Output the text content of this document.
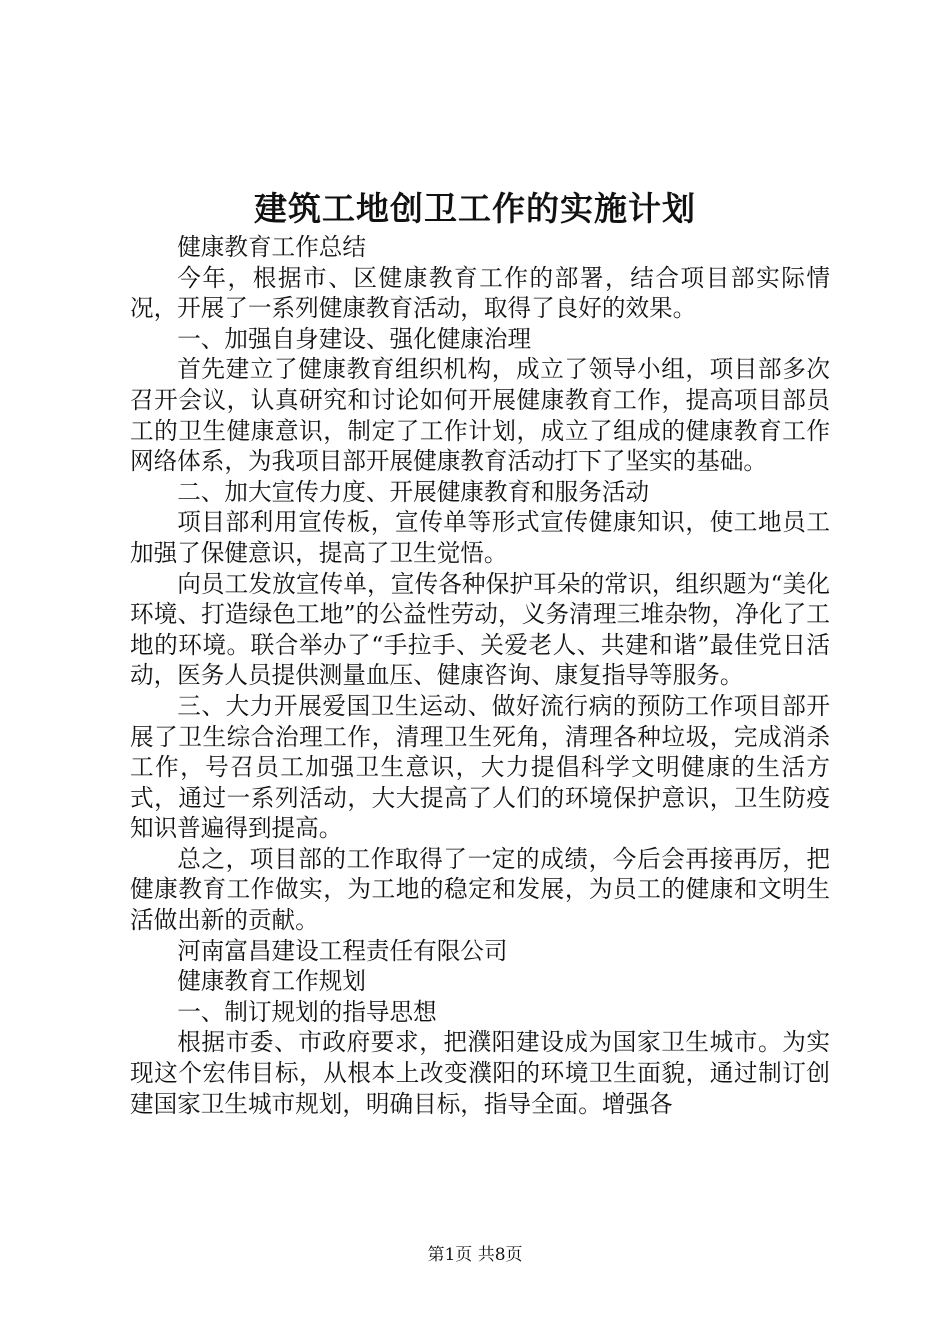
建筑工地创卫工作的实施计划

健康教育工作总结

今年，根据市、区健康教育工作的部署，结合项目部实际情况，开展了一系列健康教育活动，取得了良好的效果。

一、加强自身建设、强化健康治理

首先建立了健康教育组织机构，成立了领导小组，项目部多次召开会议，认真研究和讨论如何开展健康教育工作，提高项目部员工的卫生健康意识，制定了工作计划，成立了组成的健康教育工作网络体系，为我项目部开展健康教育活动打下了坚实的基础。

二、加大宣传力度、开展健康教育和服务活动

项目部利用宣传板，宣传单等形式宣传健康知识，使工地员工加强了保健意识，提高了卫生觉悟。

向员工发放宣传单，宣传各种保护耳朵的常识，组织题为“美化环境、打造绿色工地”的公益性劳动，义务清理三堆杂物，净化了工地的环境。联合举办了“手拉手、关爱老人、共建和谐”最佳党日活动，医务人员提供测量血压、健康咨询、康复指导等服务。

三、大力开展爱国卫生运动、做好流行病的预防工作项目部开展了卫生综合治理工作，清理卫生死角，清理各种垃圾，完成消杀工作，号召员工加强卫生意识，大力提倡科学文明健康的生活方式，通过一系列活动，大大提高了人们的环境保护意识，卫生防疫知识普遍得到提高。

总之，项目部的工作取得了一定的成绩，今后会再接再厉，把健康教育工作做实，为工地的稳定和发展，为员工的健康和文明生活做出新的贡献。

河南富昌建设工程责任有限公司

健康教育工作规划

一、制订规划的指导思想

根据市委、市政府要求，把濮阳建设成为国家卫生城市。为实现这个宏伟目标，从根本上改变濮阳的环境卫生面貌，通过制订创建国家卫生城市规划，明确目标，指导全面。增强各

第1页 共8页
